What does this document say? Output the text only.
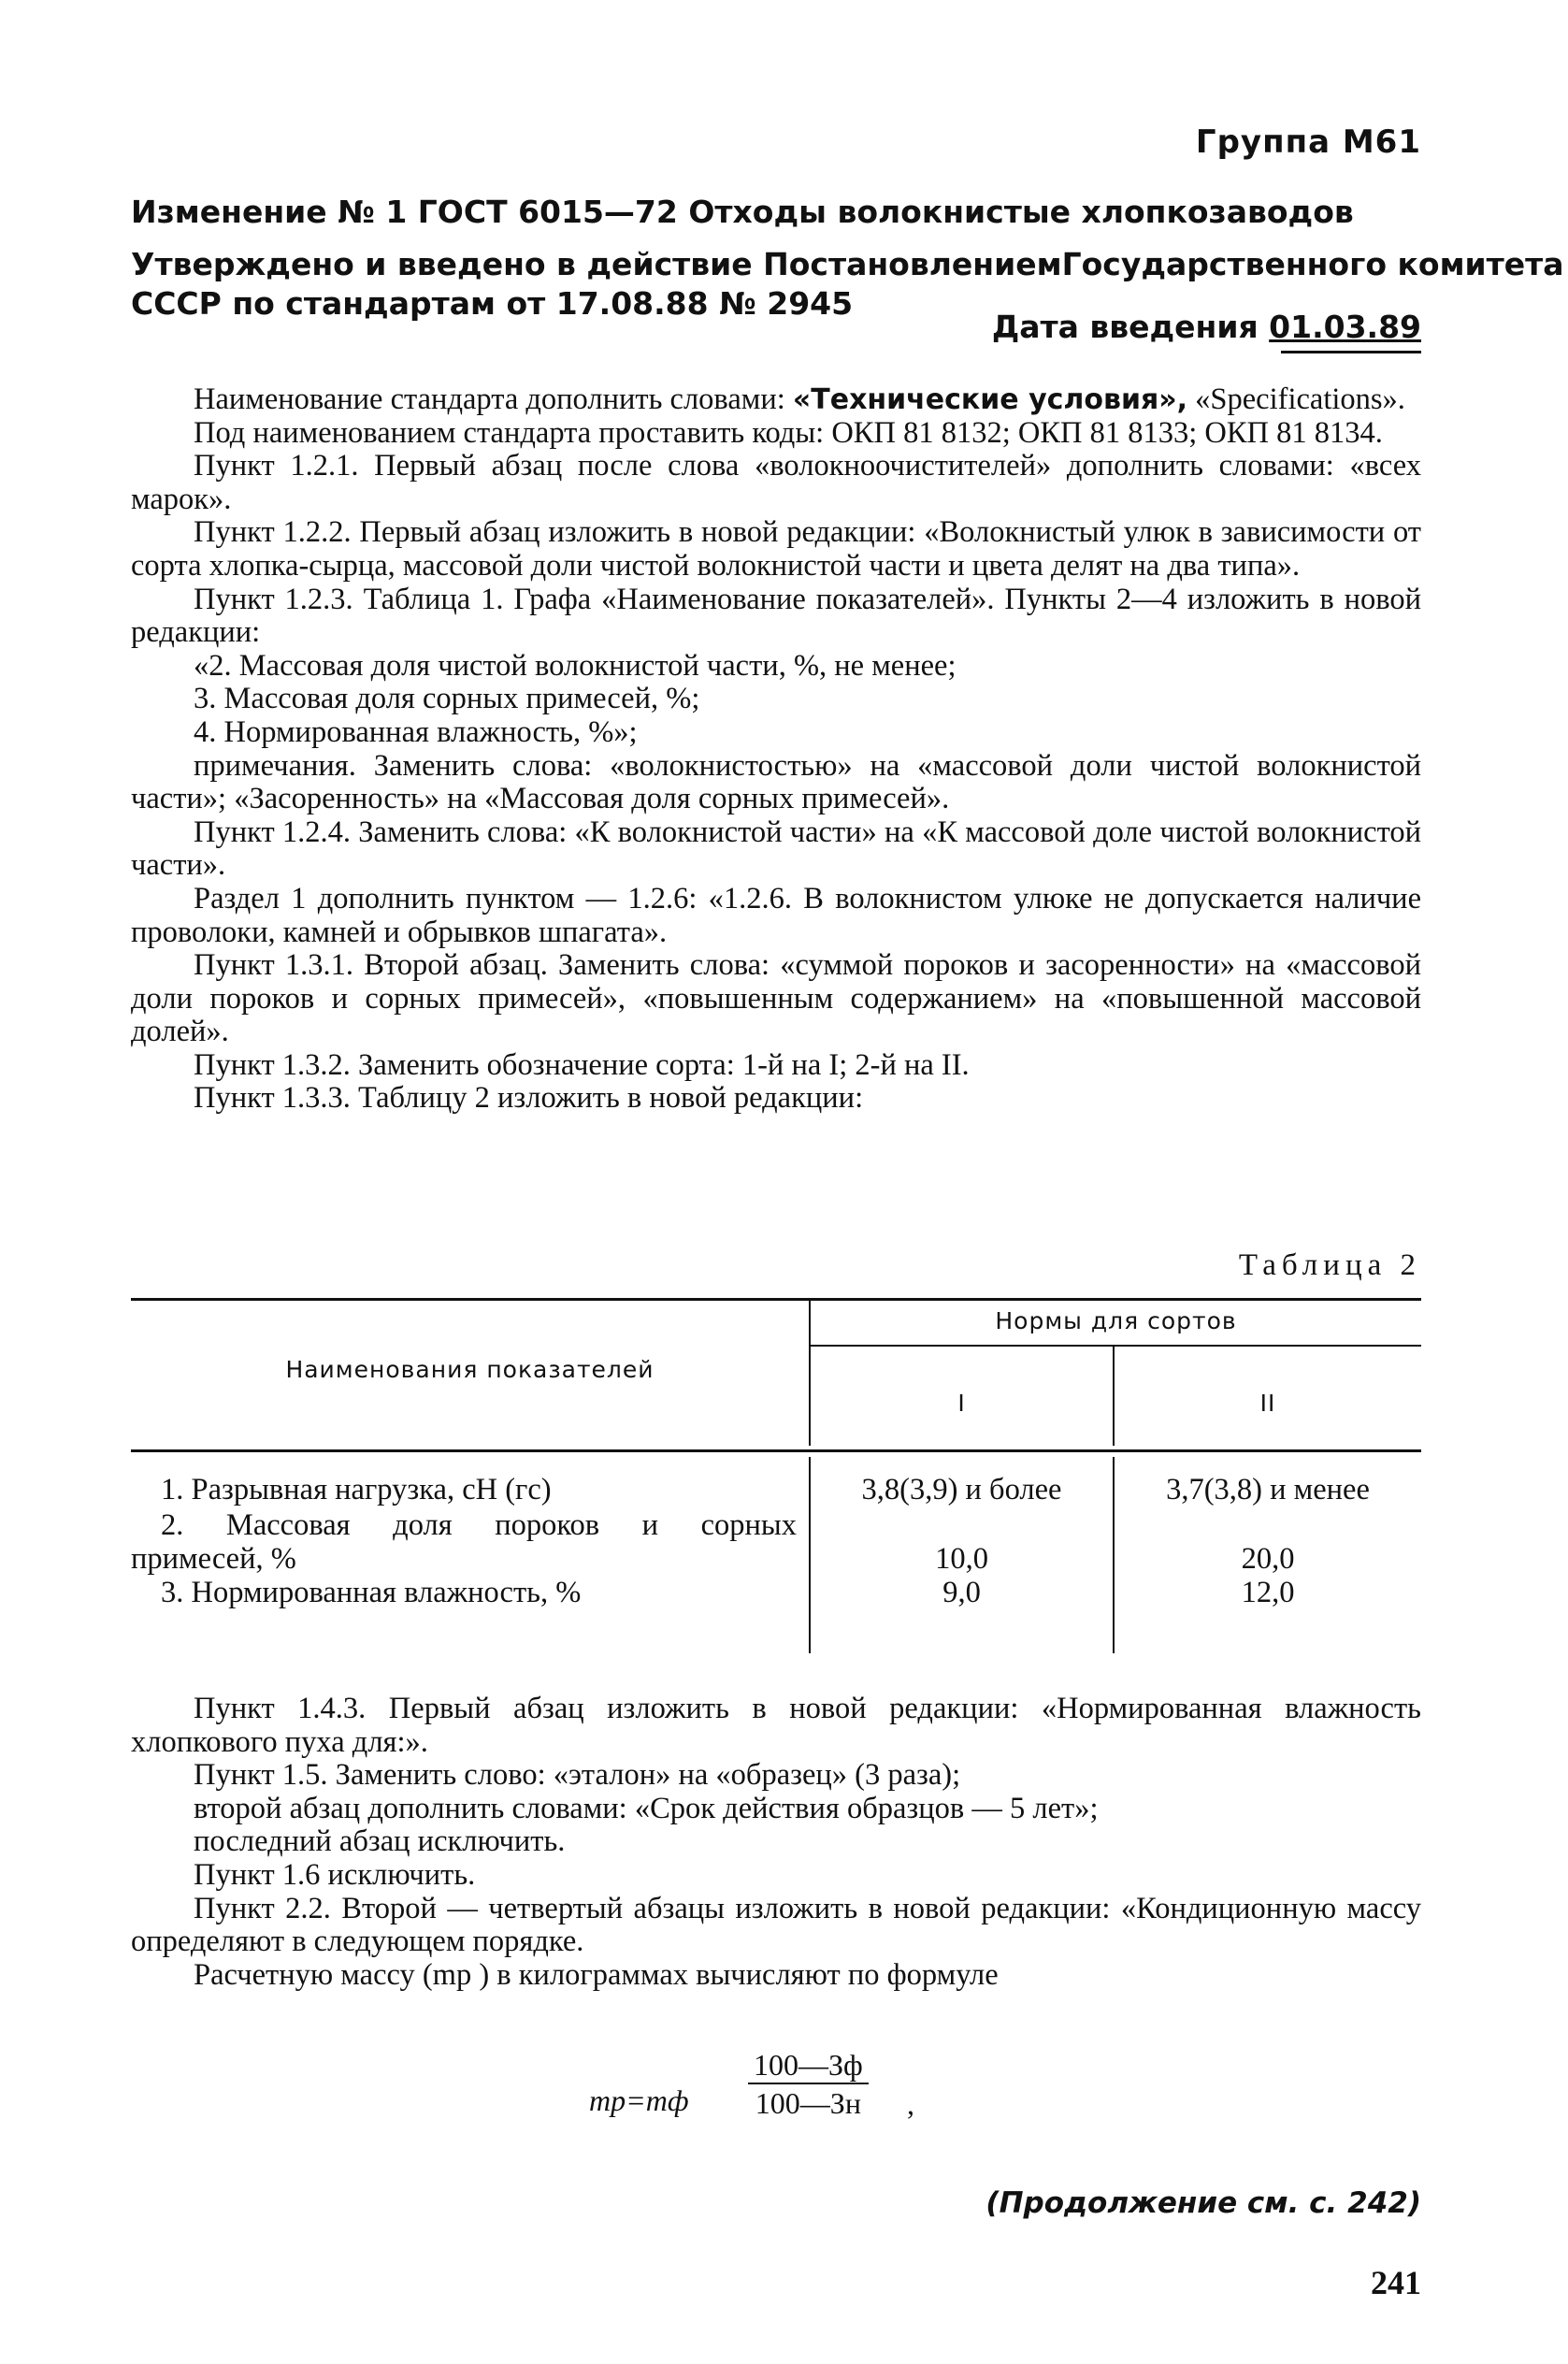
Группа М61
Изменение № 1 ГОСТ 6015—72 Отходы волокнистые хлопкозаводов
Утверждено и введено в действие Постановлением Государственного комитета
СССР по стандартам от 17.08.88 № 2945
Дата введения 01.03.89

Наименование стандарта дополнить словами: «Технические условия», «Specifications».

Под наименованием стандарта проставить коды: ОКП 81 8132; ОКП 81 8133; ОКП 81 8134.

Пункт 1.2.1. Первый абзац после слова «волокноочистителей» дополнить словами: «всех марок».

Пункт 1.2.2. Первый абзац изложить в новой редакции: «Волокнистый улюк в зависимости от сорта хлопка-сырца, массовой доли чистой волокнистой части и цвета делят на два типа».

Пункт 1.2.3. Таблица 1. Графа «Наименование показателей». Пункты 2—4 изложить в новой редакции:

«2. Массовая доля чистой волокнистой части, %, не менее;

3. Массовая доля сорных примесей, %;

4. Нормированная влажность, %»;

примечания. Заменить слова: «волокнистостью» на «массовой доли чистой волокнистой части»; «Засоренность» на «Массовая доля сорных примесей».

Пункт 1.2.4. Заменить слова: «К волокнистой части» на «К массовой доле чистой волокнистой части».

Раздел 1 дополнить пунктом — 1.2.6: «1.2.6. В волокнистом улюке не допускается наличие проволоки, камней и обрывков шпагата».

Пункт 1.3.1. Второй абзац. Заменить слова: «суммой пороков и засоренности» на «массовой доли пороков и сорных примесей», «повышенным содержанием» на «повышенной массовой долей».

Пункт 1.3.2. Заменить обозначение сорта: 1-й на I; 2-й на II.

Пункт 1.3.3. Таблицу 2 изложить в новой редакции:

Таблица 2
Наименования показателей
Нормы для сортов
I	II
1. Разрывная нагрузка, сН (гс)	3,8(3,9) и более	3,7(3,8) и менее
2. Массовая доля пороков и сорных
примесей, %	10,0	20,0
3. Нормированная влажность, %	9,0	12,0

Пункт 1.4.3. Первый абзац изложить в новой редакции: «Нормированная влажность хлопкового пуха для:».

Пункт 1.5. Заменить слово: «эталон» на «образец» (3 раза);

второй абзац дополнить словами: «Срок действия образцов — 5 лет»;

последний абзац исключить.

Пункт 1.6 исключить.

Пункт 2.2. Второй — четвертый абзацы изложить в новой редакции: «Кондиционную массу определяют в следующем порядке.

Расчетную массу (mр ) в килограммах вычисляют по формуле

mр=mф
100—Зф
100—Зн ,
(Продолжение см. с. 242)
241
